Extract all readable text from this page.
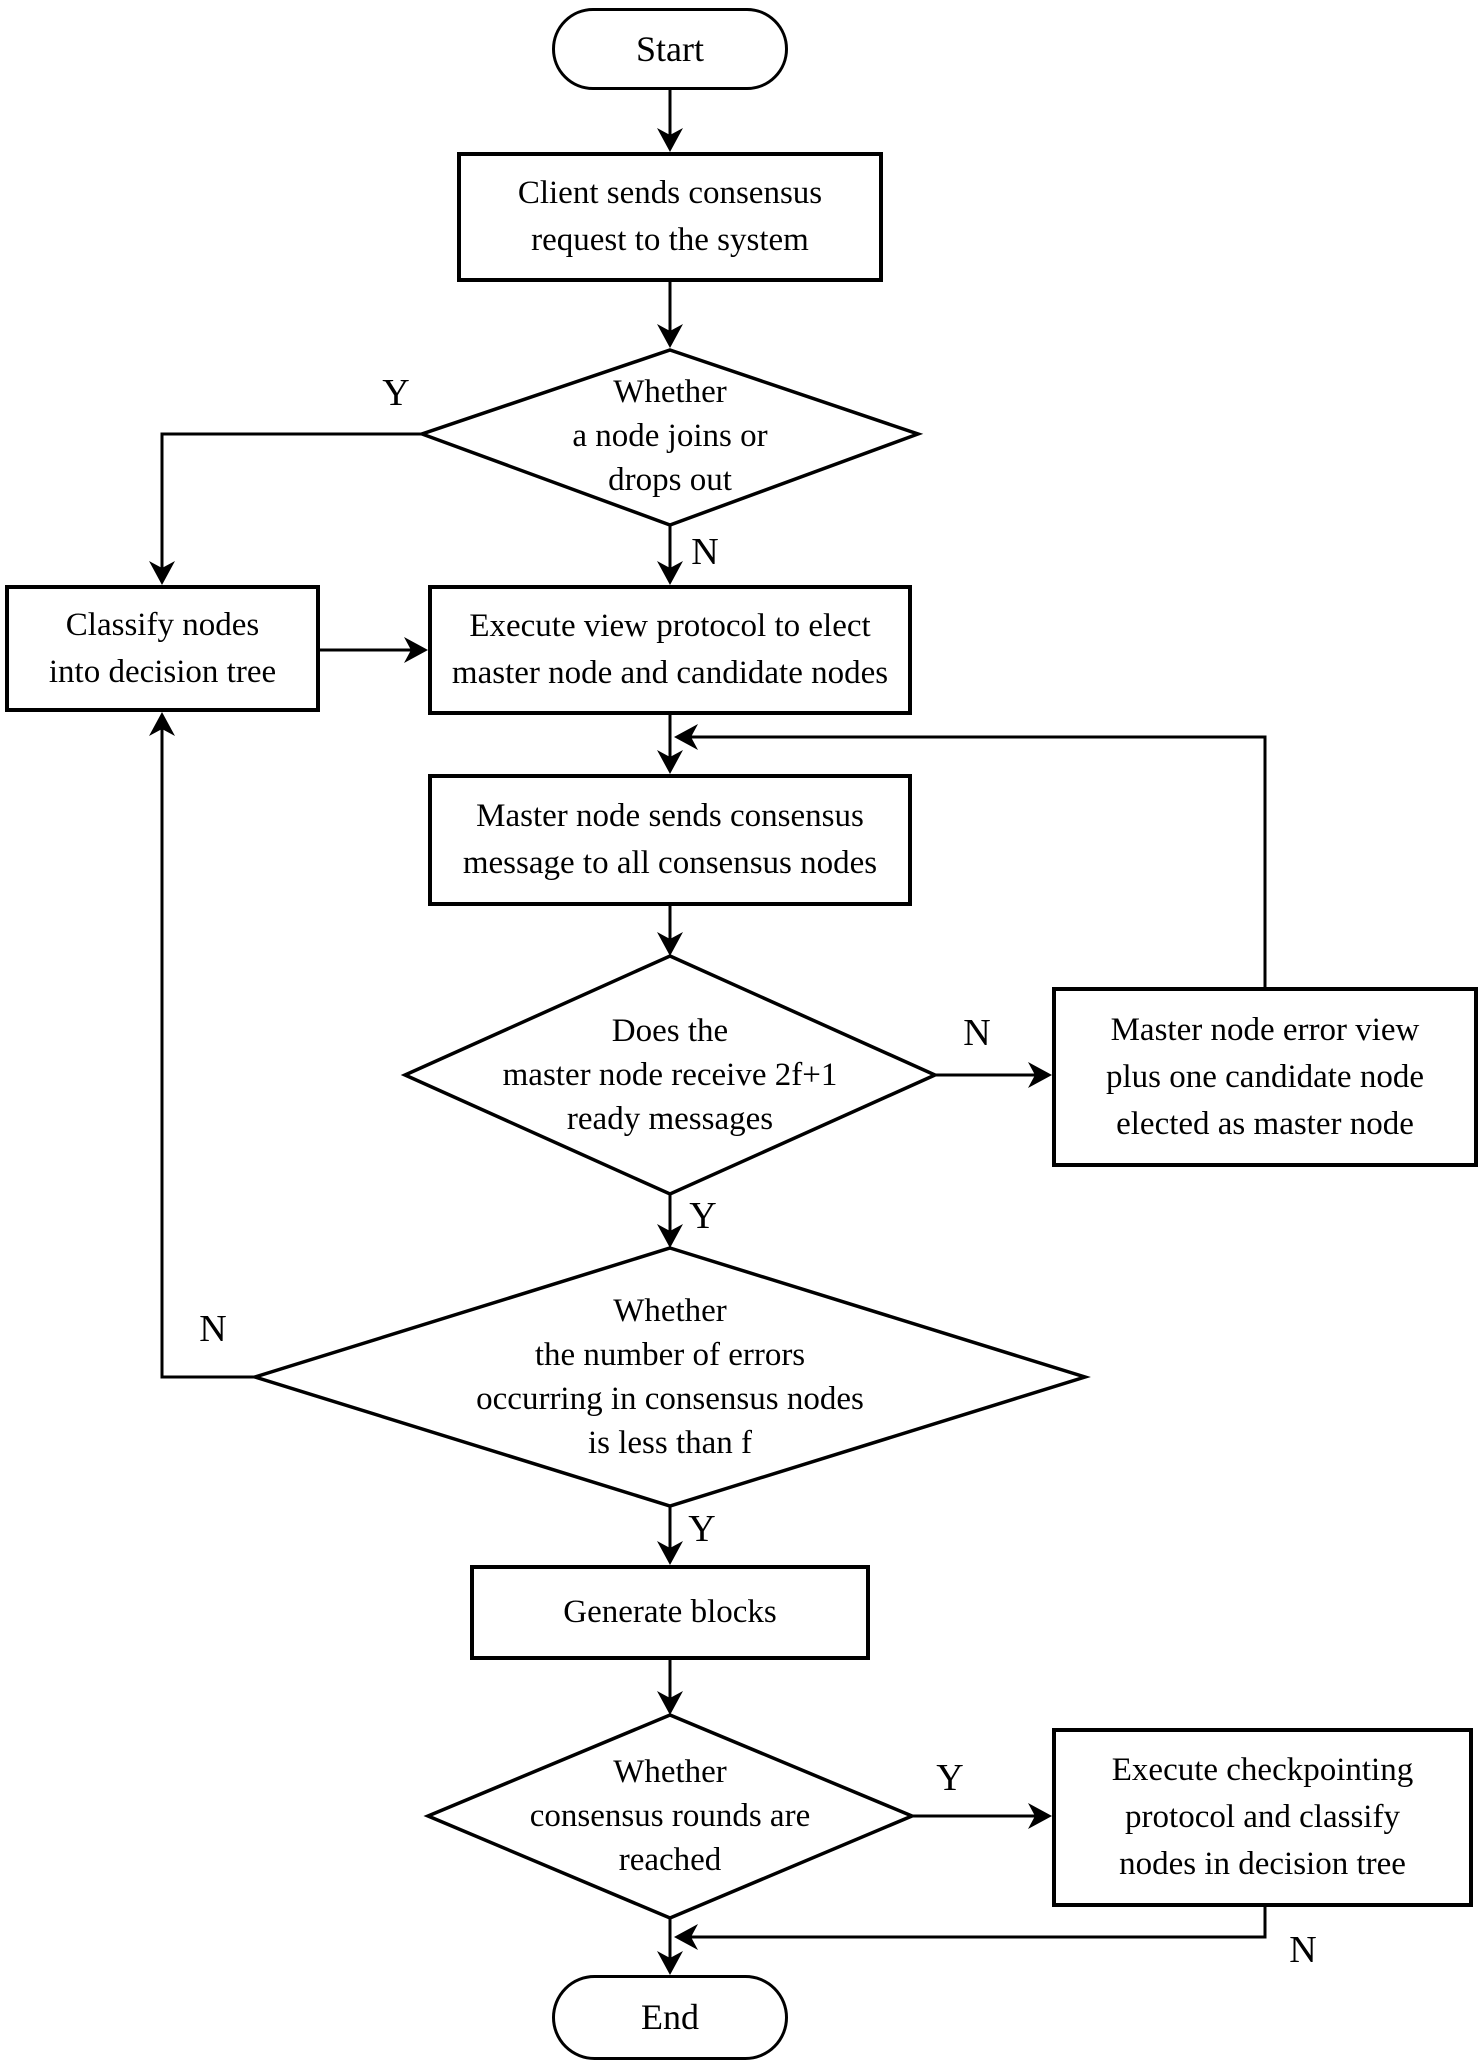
Start
Client sends consensus
request to the system
Classify nodes
into decision tree
Execute view protocol to elect
master node and candidate nodes
Master node sends consensus
message to all consensus nodes
Master node error view
plus one candidate node
elected as master node
Generate blocks
Execute checkpointing
protocol and classify
nodes in decision tree
End
Whether
a node joins or
drops out
Does the
master node receive 2f+1
ready messages
Whether
the number of errors
occurring in consensus nodes
is less than f
Whether
consensus rounds are
reached
Y
N
N
Y
N
Y
Y
N
